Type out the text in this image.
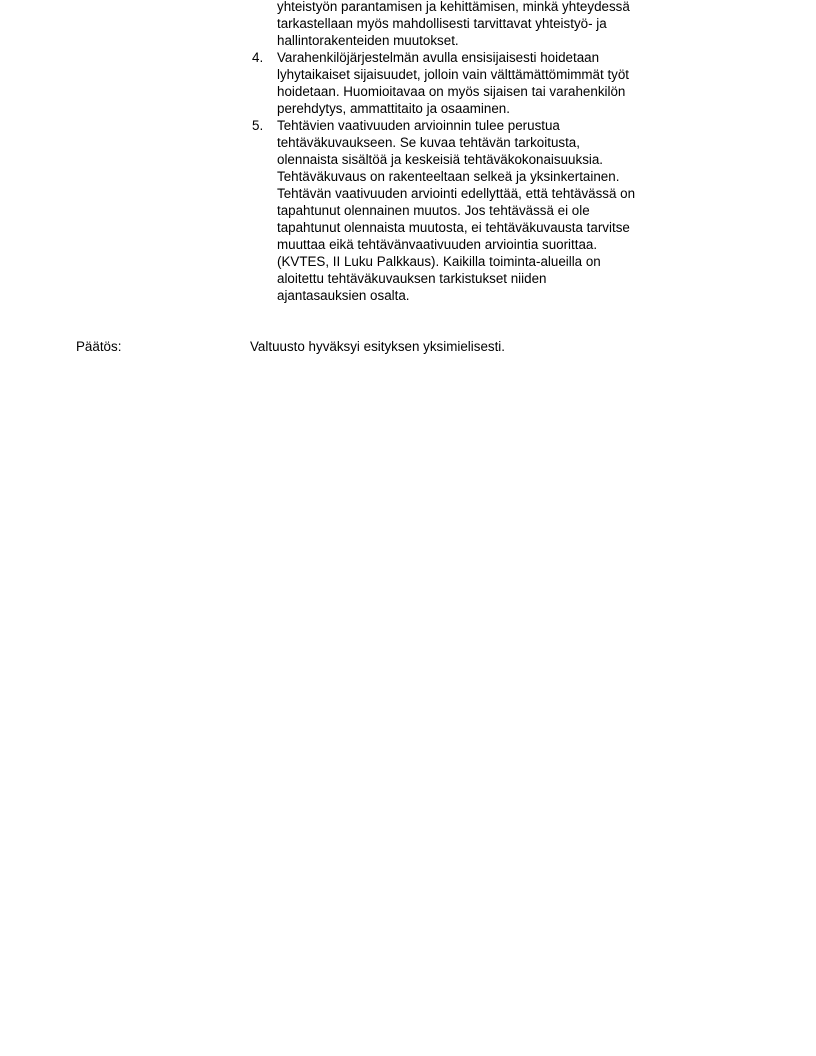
yhteistyön parantamisen ja kehittämisen, minkä yhteydessä
tarkastellaan myös mahdollisesti tarvittavat yhteistyö- ja
hallintorakenteiden muutokset.
4.	Varahenkilöjärjestelmän avulla ensisijaisesti hoidetaan
lyhytaikaiset sijaisuudet, jolloin vain välttämättömimmät työt
hoidetaan. Huomioitavaa on myös sijaisen tai varahenkilön
perehdytys, ammattitaito ja osaaminen.
5.	Tehtävien vaativuuden arvioinnin tulee perustua
tehtäväkuvaukseen. Se kuvaa tehtävän tarkoitusta,
olennaista sisältöä ja keskeisiä tehtäväkokonaisuuksia.
Tehtäväkuvaus on rakenteeltaan selkeä ja yksinkertainen.
Tehtävän vaativuuden arviointi edellyttää, että tehtävässä on
tapahtunut olennainen muutos. Jos tehtävässä ei ole
tapahtunut olennaista muutosta, ei tehtäväkuvausta tarvitse
muuttaa eikä tehtävänvaativuuden arviointia suorittaa.
(KVTES, II Luku Palkkaus). Kaikilla toiminta-alueilla on
aloitettu tehtäväkuvauksen tarkistukset niiden
ajantasauksien osalta.
Päätös:	Valtuusto hyväksyi esityksen yksimielisesti.
